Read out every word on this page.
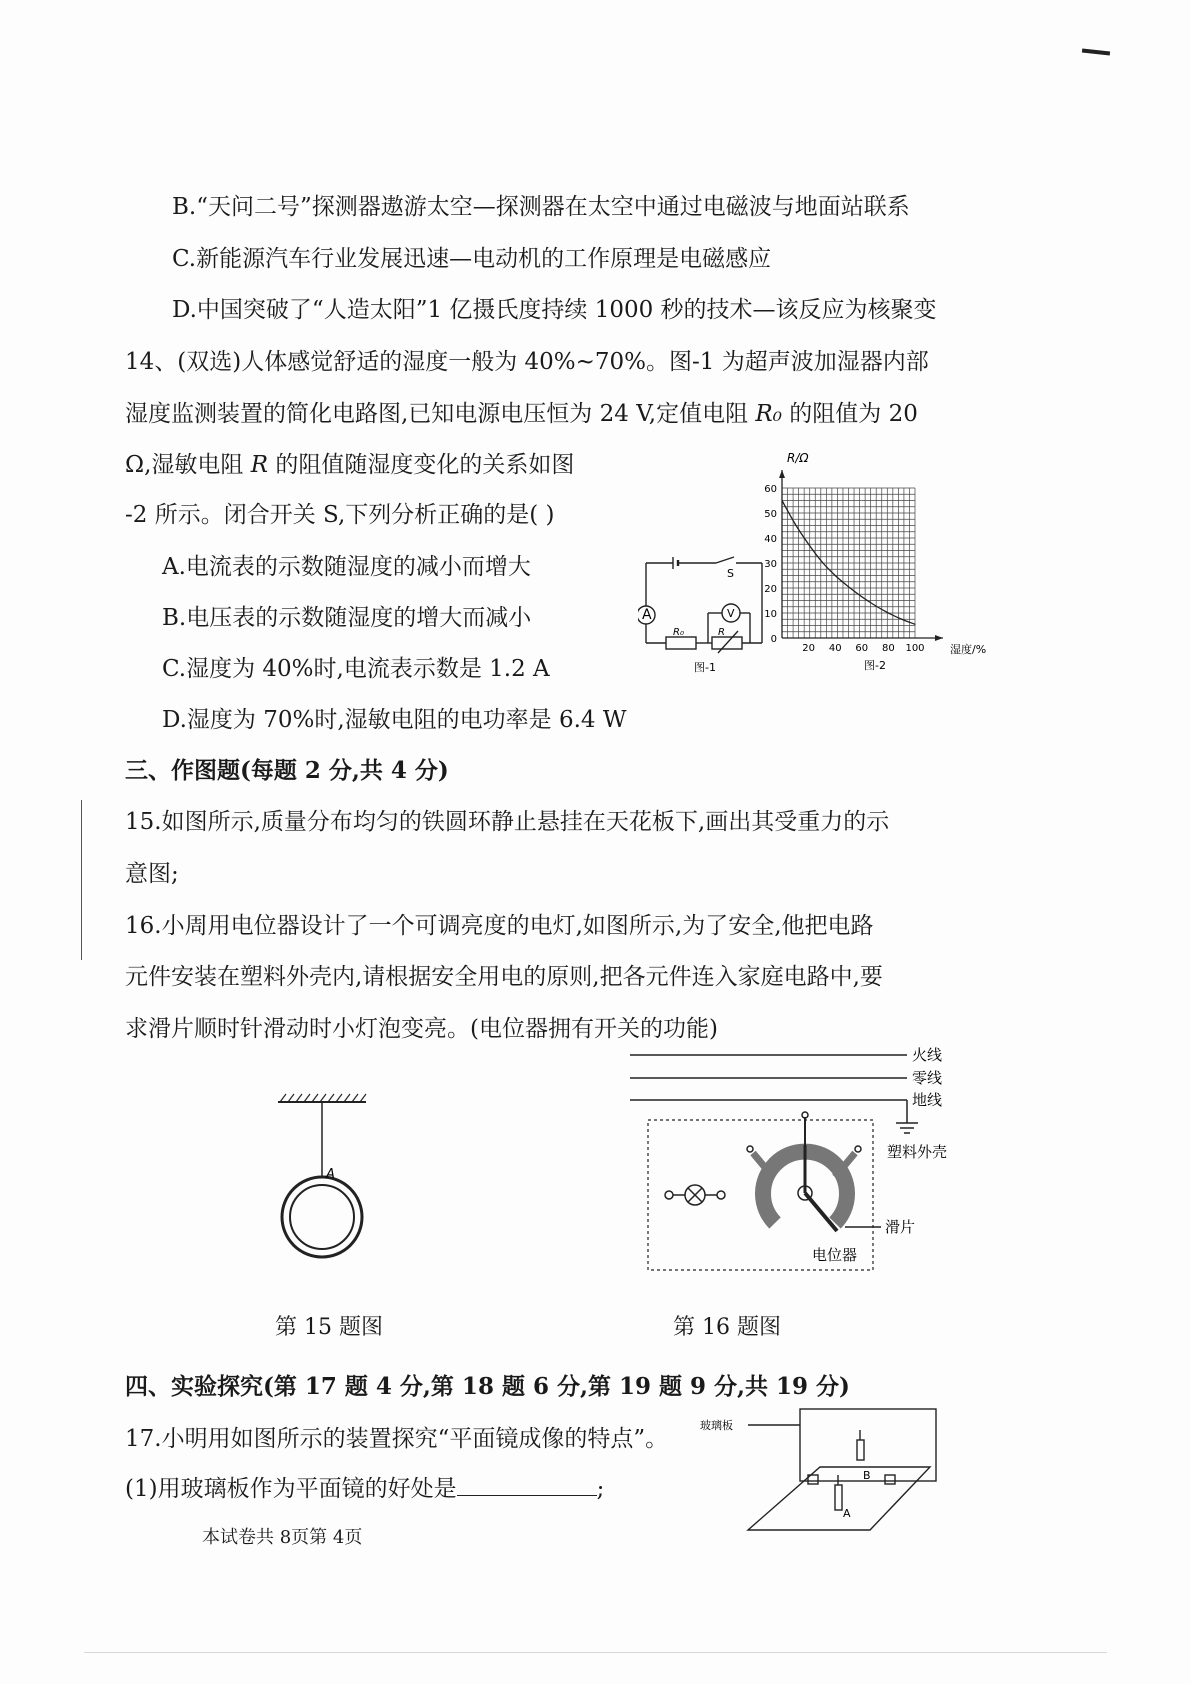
B.“天问二号”探测器遨游太空—探测器在太空中通过电磁波与地面站联系
C.新能源汽车行业发展迅速—电动机的工作原理是电磁感应
D.中国突破了“人造太阳”1 亿摄氏度持续 1000 秒的技术—该反应为核聚变
14、(双选)人体感觉舒适的湿度一般为 40%~70%。图-1 为超声波加湿器内部
湿度监测装置的简化电路图,已知电源电压恒为 24 V,定值电阻 R₀ 的阻值为 20
Ω,湿敏电阻 R 的阻值随湿度变化的关系如图
-2 所示。闭合开关 S,下列分析正确的是( )
A.电流表的示数随湿度的减小而增大
B.电压表的示数随湿度的增大而减小
C.湿度为 40%时,电流表示数是 1.2 A
D.湿度为 70%时,湿敏电阻的电功率是 6.4 W
A	V
S
R₀	R
图-1
0
10
20
30
40
50
60
20 40 60 80 100
R/Ω
湿度/%
图-2
三、作图题(每题 2 分,共 4 分)
15.如图所示,质量分布均匀的铁圆环静止悬挂在天花板下,画出其受重力的示
意图;
16.小周用电位器设计了一个可调亮度的电灯,如图所示,为了安全,他把电路
元件安装在塑料外壳内,请根据安全用电的原则,把各元件连入家庭电路中,要
求滑片顺时针滑动时小灯泡变亮。(电位器拥有开关的功能)
A
第 15 题图
火线
零线
地线
电位器
塑料外壳
滑片
第 16 题图
四、实验探究(第 17 题 4 分,第 18 题 6 分,第 19 题 9 分,共 19 分)
17.小明用如图所示的装置探究“平面镜成像的特点”。
(1)用玻璃板作为平面镜的好处是	;
玻璃板
B
A
本试卷共 8页第 4页
